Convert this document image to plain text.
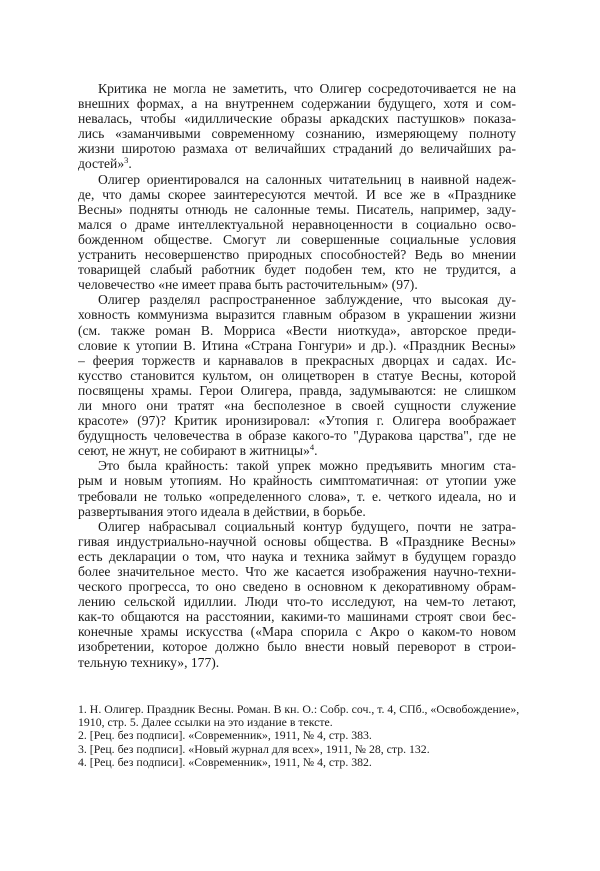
Критика не могла не заметить, что Олигер сосредоточивается не на
внешних формах, а на внутреннем содержании будущего, хотя и сом-
невалась, чтобы «идиллические образы аркадских пастушков» показа-
лись «заманчивыми современному сознанию, измеряющему полноту
жизни широтою размаха от величайших страданий до величайших ра-
достей»$^3$.
Олигер ориентировался на салонных читательниц в наивной надеж-
де, что дамы скорее заинтересуются мечтой. И все же в «Празднике
Весны» подняты отнюдь не салонные темы. Писатель, например, заду-
мался о драме интеллектуальной неравноценности в социально осво-
божденном обществе. Смогут ли совершенные социальные условия
устранить несовершенство природных способностей? Ведь во мнении
товарищей слабый работник будет подобен тем, кто не трудится, а
человечество «не имеет права быть расточительным» (97).
Олигер разделял распространенное заблуждение, что высокая ду-
ховность коммунизма выразится главным образом в украшении жизни
(см. также роман В. Морриса «Вести ниоткуда», авторское преди-
словие к утопии В. Итина «Страна Гонгури» и др.). «Праздник Весны»
– феерия торжеств и карнавалов в прекрасных дворцах и садах. Ис-
кусство становится культом, он олицетворен в статуе Весны, которой
посвящены храмы. Герои Олигера, правда, задумываются: не слишком
ли много они тратят «на бесполезное в своей сущности служение
красоте» (97)? Критик иронизировал: «Утопия г. Олигера воображает
будущность человечества в образе какого-то "Дуракова царства", где не
сеют, не жнут, не собирают в житницы»$^4$.
Это была крайность: такой упрек можно предъявить многим ста-
рым и новым утопиям. Но крайность симптоматичная: от утопии уже
требовали не только «определенного слова», т. е. четкого идеала, но и
развертывания этого идеала в действии, в борьбе.
Олигер набрасывал социальный контур будущего, почти не затра-
гивая индустриально-научной основы общества. В «Празднике Весны»
есть декларации о том, что наука и техника займут в будущем гораздо
более значительное место. Что же касается изображения научно-техни-
ческого прогресса, то оно сведено в основном к декоративному обрам-
лению сельской идиллии. Люди что-то исследуют, на чем-то летают,
как-то общаются на расстоянии, какими-то машинами строят свои бес-
конечные храмы искусства («Мара спорила с Акро о каком-то новом
изобретении, которое должно было внести новый переворот в строи-
тельную технику», 177).
1. Н. Олигер. Праздник Весны. Роман. В кн. О.: Собр. соч., т. 4, СПб., «Освобождение»,
1910, стр. 5. Далее ссылки на это издание в тексте.
2. [Рец. без подписи]. «Современник», 1911, № 4, стр. 383.
3. [Рец. без подписи]. «Новый журнал для всех», 1911, № 28, стр. 132.
4. [Рец. без подписи]. «Современник», 1911, № 4, стр. 382.
